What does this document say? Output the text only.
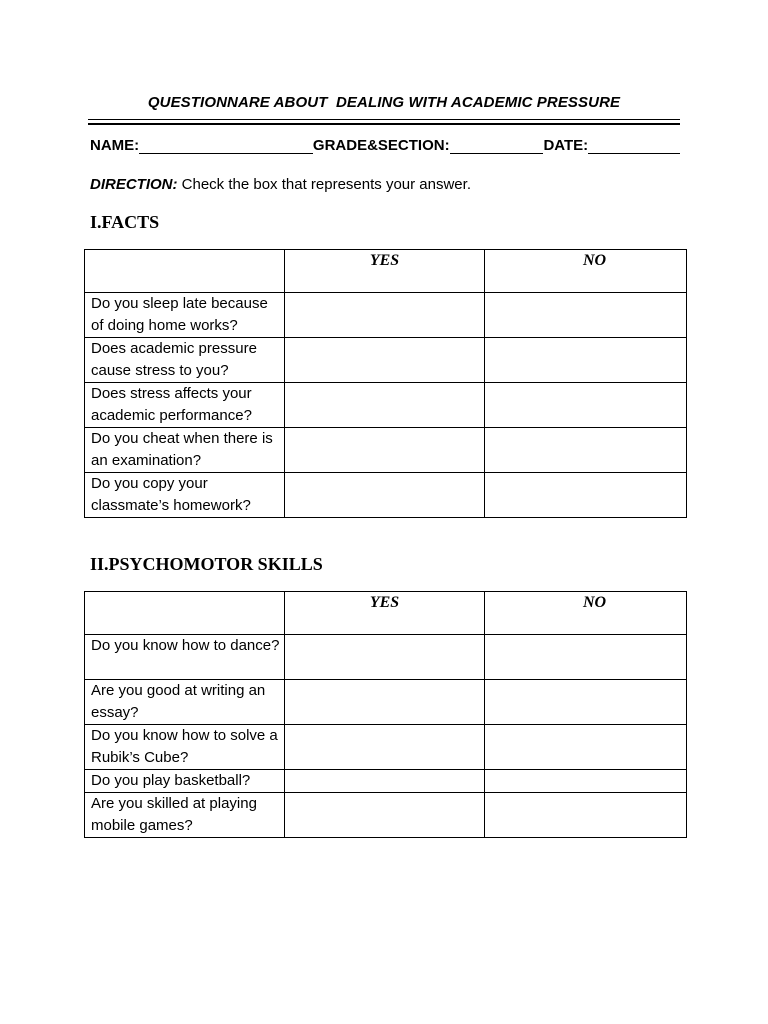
QUESTIONNARE ABOUT  DEALING WITH ACADEMIC PRESSURE
NAME:	GRADE&SECTION:	DATE:
DIRECTION: Check the box that represents your answer.
I.FACTS
	YES	NO
Do you sleep late because of doing home works?		
Does academic pressure cause stress to you?		
Does stress affects your academic performance?		
Do you cheat when there is an examination?		
Do you copy your classmate’s homework?		
II.PSYCHOMOTOR SKILLS
	YES	NO
Do you know how to dance?		
Are you good at writing an essay?		
Do you know how to solve a Rubik’s Cube?		
Do you play basketball?		
Are you skilled at playing mobile games?		
